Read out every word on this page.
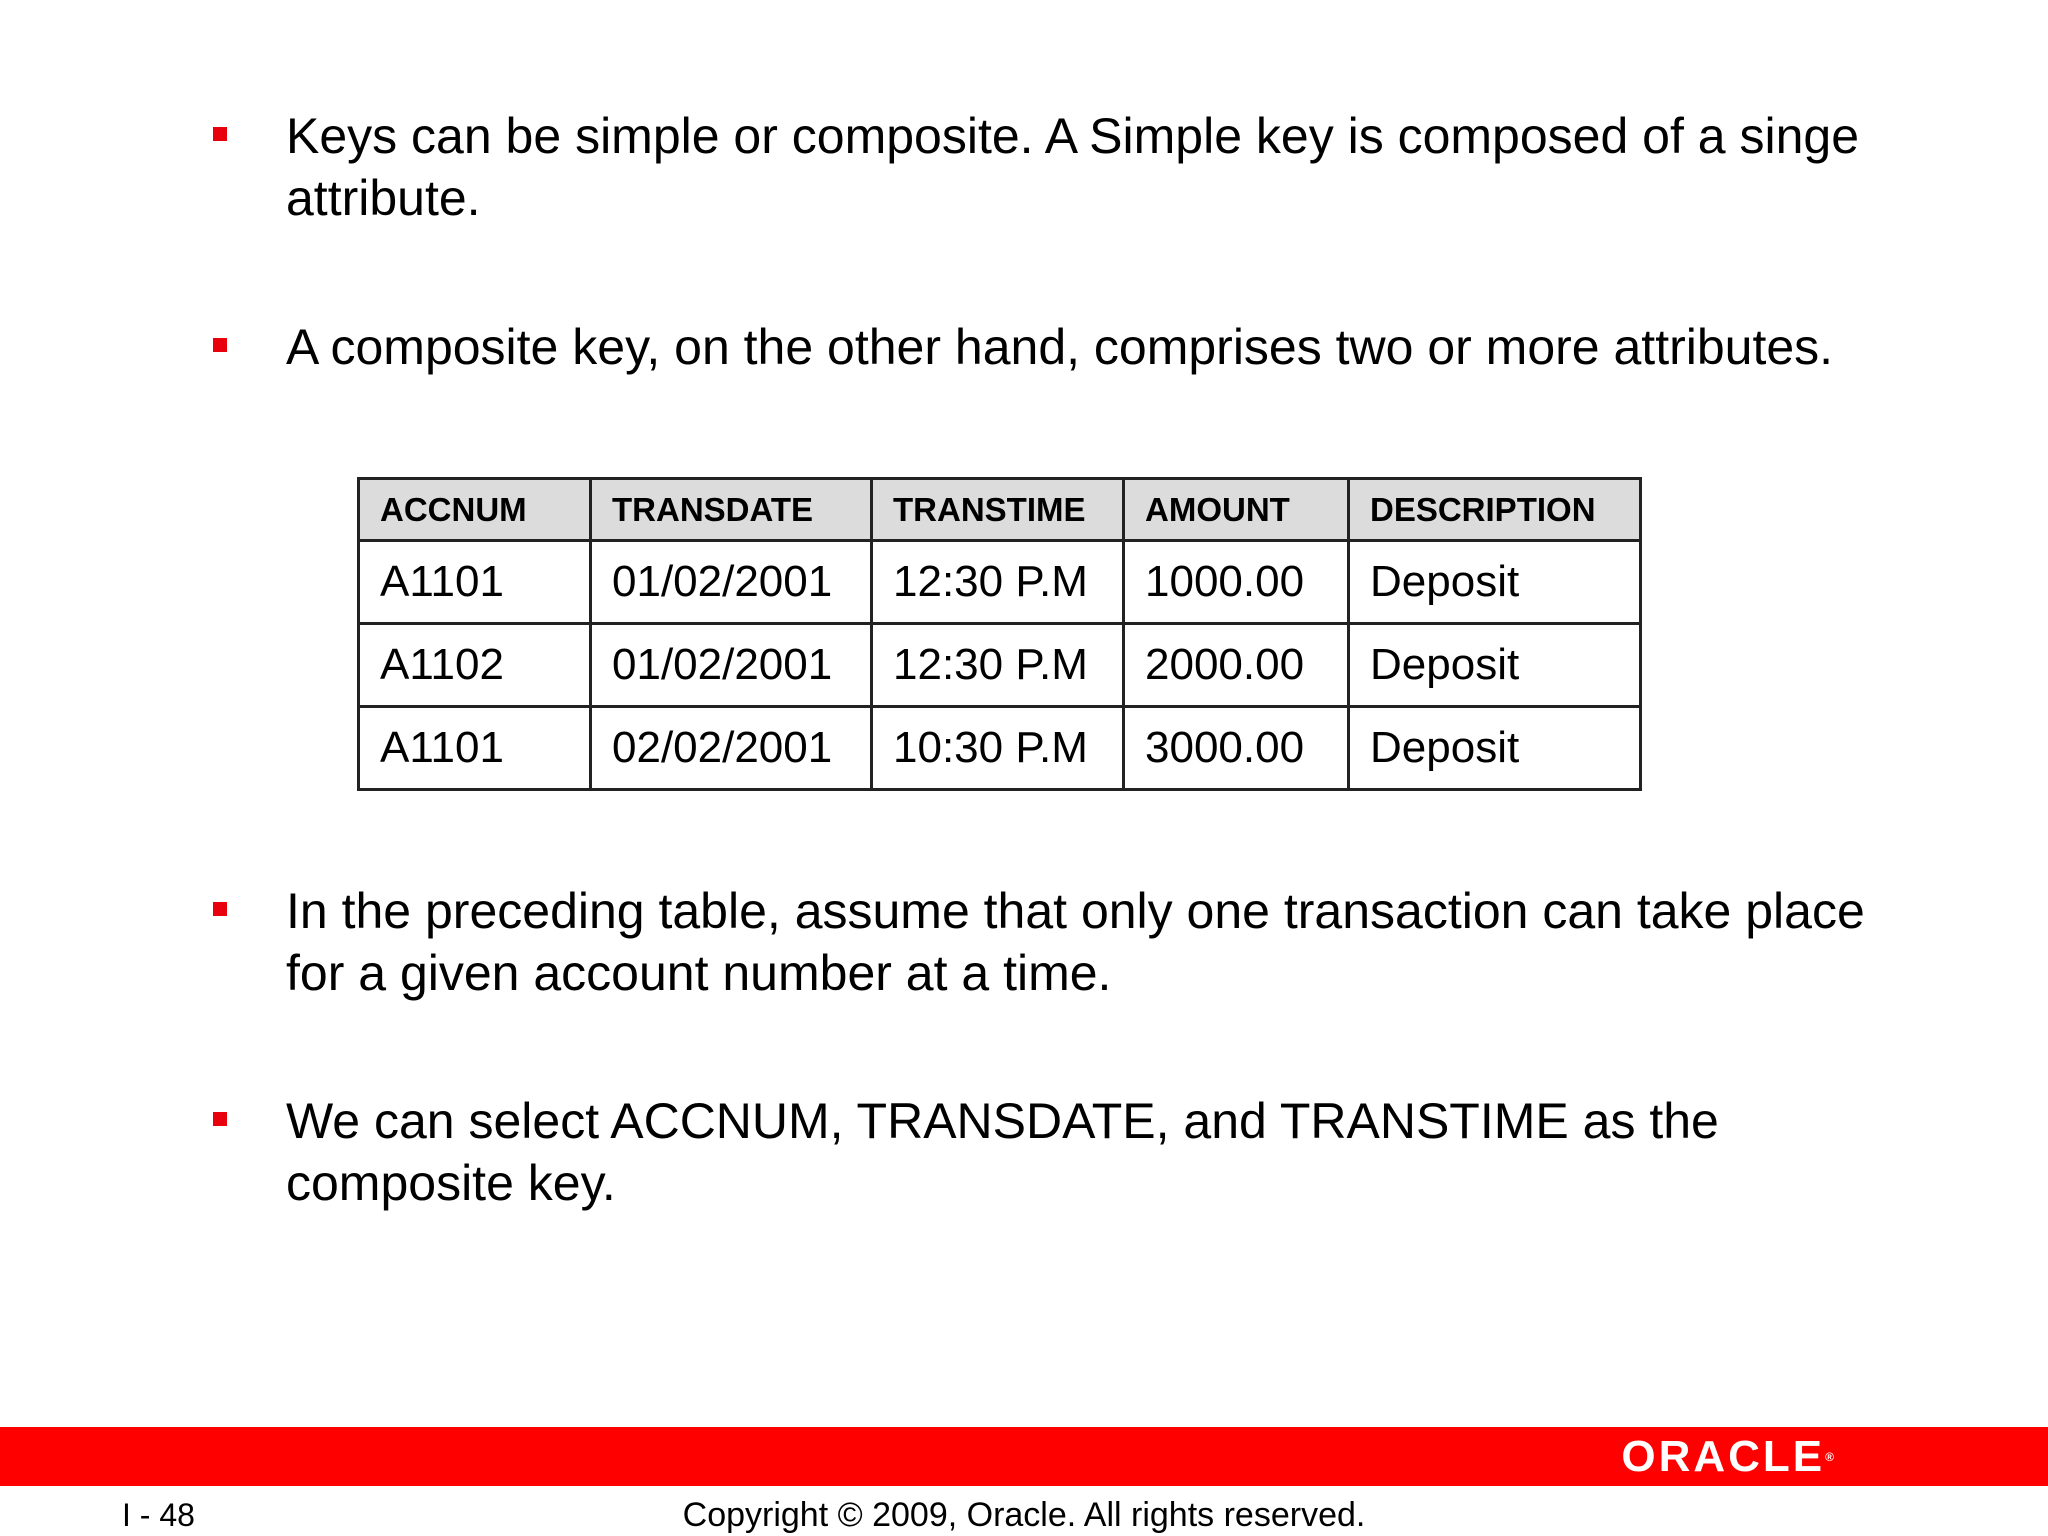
Keys can be simple or composite. A Simple key is composed of a singe attribute.

A composite key, on the other hand, comprises two or more attributes.

ACCNUM	TRANSDATE	TRANSTIME	AMOUNT	DESCRIPTION
A1101	01/02/2001	12:30 P.M	1000.00	Deposit
A1102	01/02/2001	12:30 P.M	2000.00	Deposit
A1101	02/02/2001	10:30 P.M	3000.00	Deposit

In the preceding table, assume that only one transaction can take place for a given account number at a time.

We can select ACCNUM, TRANSDATE, and TRANSTIME as the composite key.

ORACLE®
I - 48	Copyright © 2009, Oracle. All rights reserved.
